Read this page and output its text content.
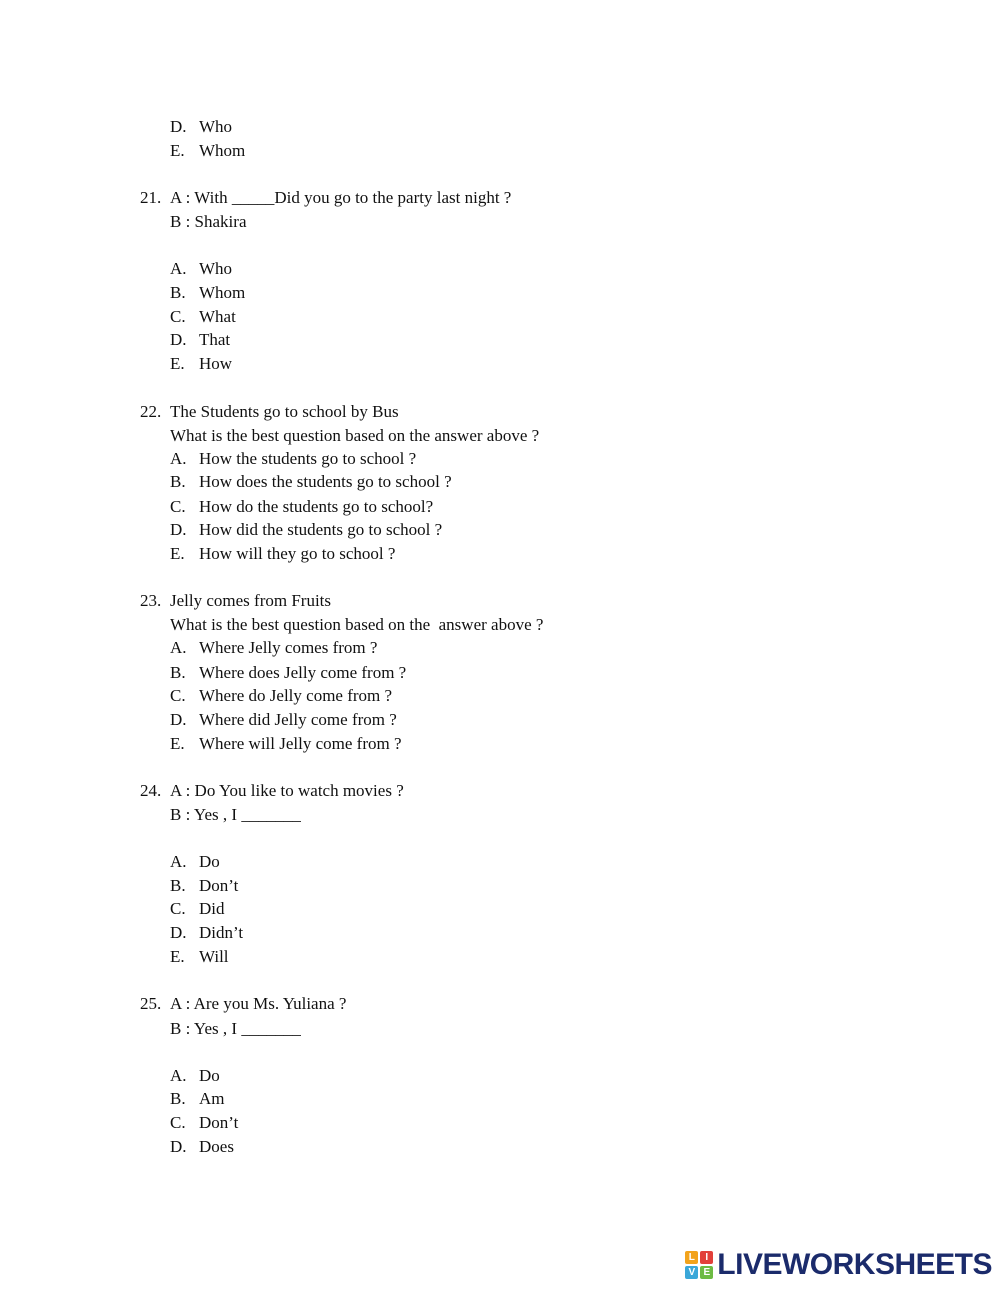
D. Who
E. Whom
21. A : With _____Did you go to the party last night ?
B : Shakira
A. Who
B. Whom
C. What
D. That
E. How
22. The Students go to school by Bus
What is the best question based on the answer above ?
A. How the students go to school ?
B. How does the students go to school ?
C. How do the students go to school?
D. How did the students go to school ?
E. How will they go to school ?
23. Jelly comes from Fruits
What is the best question based on the  answer above ?
A. Where Jelly comes from ?
B. Where does Jelly come from ?
C. Where do Jelly come from ?
D. Where did Jelly come from ?
E. Where will Jelly come from ?
24. A : Do You like to watch movies ?
B : Yes , I _______
A. Do
B. Don’t
C. Did
D. Didn’t
E. Will
25. A : Are you Ms. Yuliana ?
B : Yes , I _______
A. Do
B. Am
C. Don’t
D. Does
L	I
V E LIVEWORKSHEETS
